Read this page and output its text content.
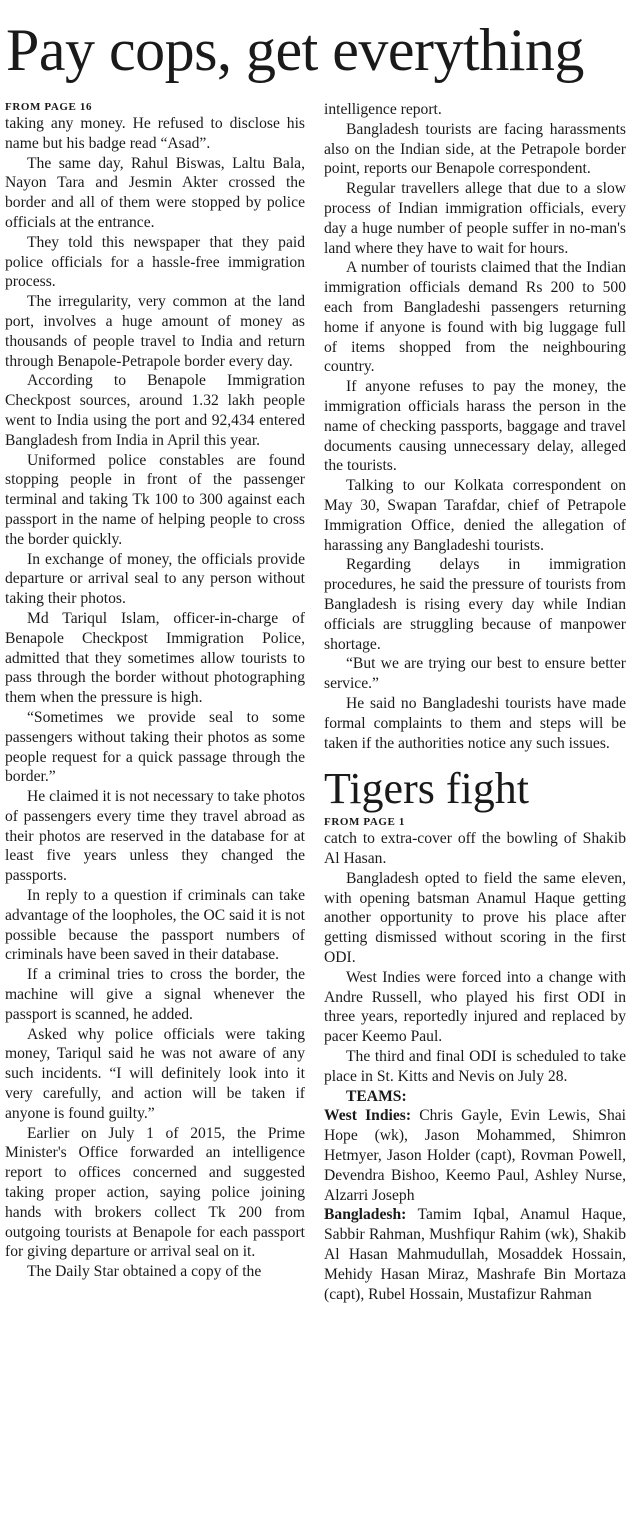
Pay cops, get everything

FROM PAGE 16

taking any money. He refused to disclose his name but his badge read “Asad”.

The same day, Rahul Biswas, Laltu Bala, Nayon Tara and Jesmin Akter crossed the border and all of them were stopped by police officials at the entrance.

They told this newspaper that they paid police officials for a hassle-free immigration process.

The irregularity, very common at the land port, involves a huge amount of money as thousands of people travel to India and return through Benapole-Petrapole border every day.

According to Benapole Immigration Checkpost sources, around 1.32 lakh people went to India using the port and 92,434 entered Bangladesh from India in April this year.

Uniformed police constables are found stopping people in front of the passenger terminal and taking Tk 100 to 300 against each passport in the name of helping people to cross the border quickly.

In exchange of money, the officials provide departure or arrival seal to any person without taking their photos.

Md Tariqul Islam, officer-in-charge of Benapole Checkpost Immigration Police, admitted that they sometimes allow tourists to pass through the border without photographing them when the pressure is high.

“Sometimes we provide seal to some passengers without taking their photos as some people request for a quick passage through the border.”

He claimed it is not necessary to take photos of passengers every time they travel abroad as their photos are reserved in the database for at least five years unless they changed the passports.

In reply to a question if criminals can take advantage of the loopholes, the OC said it is not possible because the passport numbers of criminals have been saved in their database.

If a criminal tries to cross the border, the machine will give a signal whenever the passport is scanned, he added.

Asked why police officials were taking money, Tariqul said he was not aware of any such incidents. “I will definitely look into it very carefully, and action will be taken if anyone is found guilty.”

Earlier on July 1 of 2015, the Prime Minister's Office forwarded an intelligence report to offices concerned and suggested taking proper action, saying police joining hands with brokers collect Tk 200 from outgoing tourists at Benapole for each passport for giving departure or arrival seal on it.

The Daily Star obtained a copy of the

intelligence report.

Bangladesh tourists are facing harassments also on the Indian side, at the Petrapole border point, reports our Benapole correspondent.

Regular travellers allege that due to a slow process of Indian immigration officials, every day a huge number of people suffer in no-man's land where they have to wait for hours.

A number of tourists claimed that the Indian immigration officials demand Rs 200 to 500 each from Bangladeshi passengers returning home if anyone is found with big luggage full of items shopped from the neighbouring country.

If anyone refuses to pay the money, the immigration officials harass the person in the name of checking passports, baggage and travel documents causing unnecessary delay, alleged the tourists.

Talking to our Kolkata correspondent on May 30, Swapan Tarafdar, chief of Petrapole Immigration Office, denied the allegation of harassing any Bangladeshi tourists.

Regarding delays in immigration procedures, he said the pressure of tourists from Bangladesh is rising every day while Indian officials are struggling because of manpower shortage.

“But we are trying our best to ensure better service.”

He said no Bangladeshi tourists have made formal complaints to them and steps will be taken if the authorities notice any such issues.

Tigers fight

FROM PAGE 1

catch to extra-cover off the bowling of Shakib Al Hasan.

Bangladesh opted to field the same eleven, with opening batsman Anamul Haque getting another opportunity to prove his place after getting dismissed without scoring in the first ODI.

West Indies were forced into a change with Andre Russell, who played his first ODI in three years, reportedly injured and replaced by pacer Keemo Paul.

The third and final ODI is scheduled to take place in St. Kitts and Nevis on July 28.

TEAMS:

West Indies: Chris Gayle, Evin Lewis, Shai Hope (wk), Jason Mohammed, Shimron Hetmyer, Jason Holder (capt), Rovman Powell, Devendra Bishoo, Keemo Paul, Ashley Nurse, Alzarri Joseph

Bangladesh: Tamim Iqbal, Anamul Haque, Sabbir Rahman, Mushfiqur Rahim (wk), Shakib Al Hasan Mahmudullah, Mosaddek Hossain, Mehidy Hasan Miraz, Mashrafe Bin Mortaza (capt), Rubel Hossain, Mustafizur Rahman
